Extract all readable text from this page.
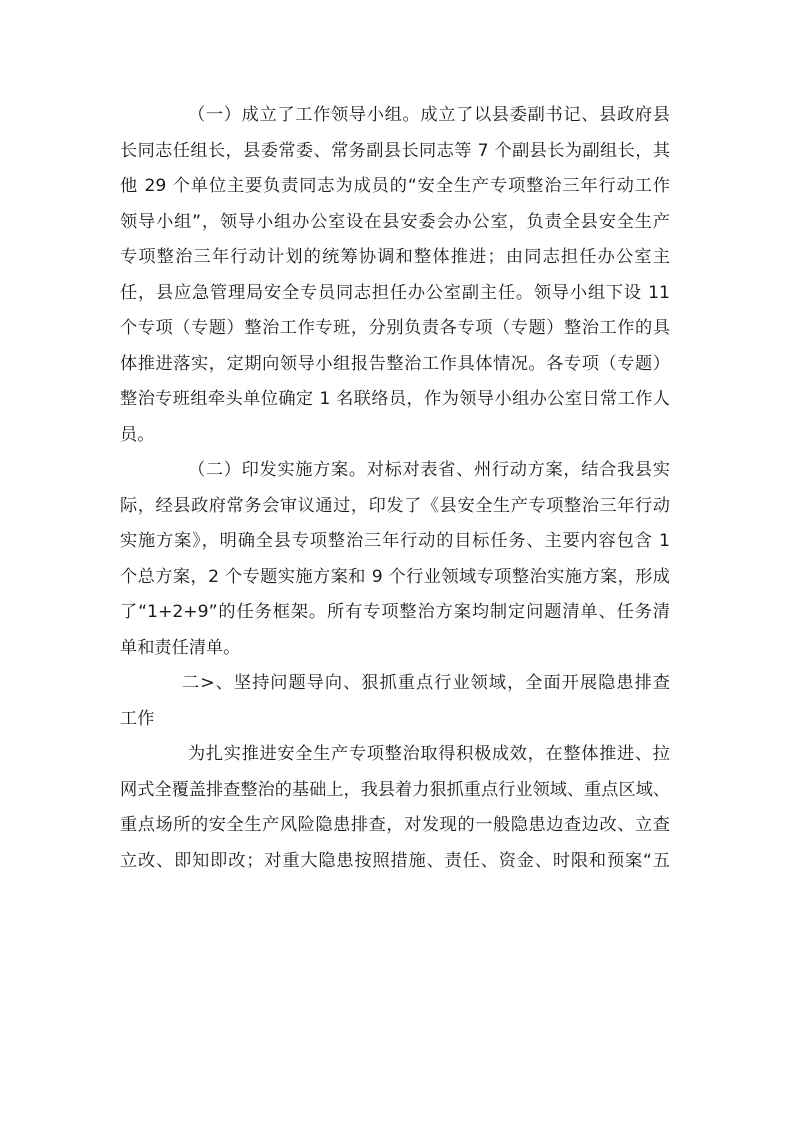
（一）成立了工作领导小组。成立了以县委副书记、县政府县
长同志任组长，县委常委、常务副县长同志等 7 个副县长为副组长，其
他 29 个单位主要负责同志为成员的“安全生产专项整治三年行动工作
领导小组”，领导小组办公室设在县安委会办公室，负责全县安全生产
专项整治三年行动计划的统筹协调和整体推进；由同志担任办公室主
任，县应急管理局安全专员同志担任办公室副主任。领导小组下设 11
个专项（专题）整治工作专班，分别负责各专项（专题）整治工作的具
体推进落实，定期向领导小组报告整治工作具体情况。各专项（专题）
整治专班组牵头单位确定 1 名联络员，作为领导小组办公室日常工作人
员。

（二）印发实施方案。对标对表省、州行动方案，结合我县实
际，经县政府常务会审议通过，印发了《县安全生产专项整治三年行动
实施方案》，明确全县专项整治三年行动的目标任务、主要内容包含 1
个总方案，2 个专题实施方案和 9 个行业领域专项整治实施方案，形成
了“1+2+9”的任务框架。所有专项整治方案均制定问题清单、任务清
单和责任清单。

二>、坚持问题导向、狠抓重点行业领域，全面开展隐患排查
工作

为扎实推进安全生产专项整治取得积极成效，在整体推进、拉
网式全覆盖排查整治的基础上，我县着力狠抓重点行业领域、重点区域、
重点场所的安全生产风险隐患排查，对发现的一般隐患边查边改、立查
立改、即知即改；对重大隐患按照措施、责任、资金、时限和预案“五
